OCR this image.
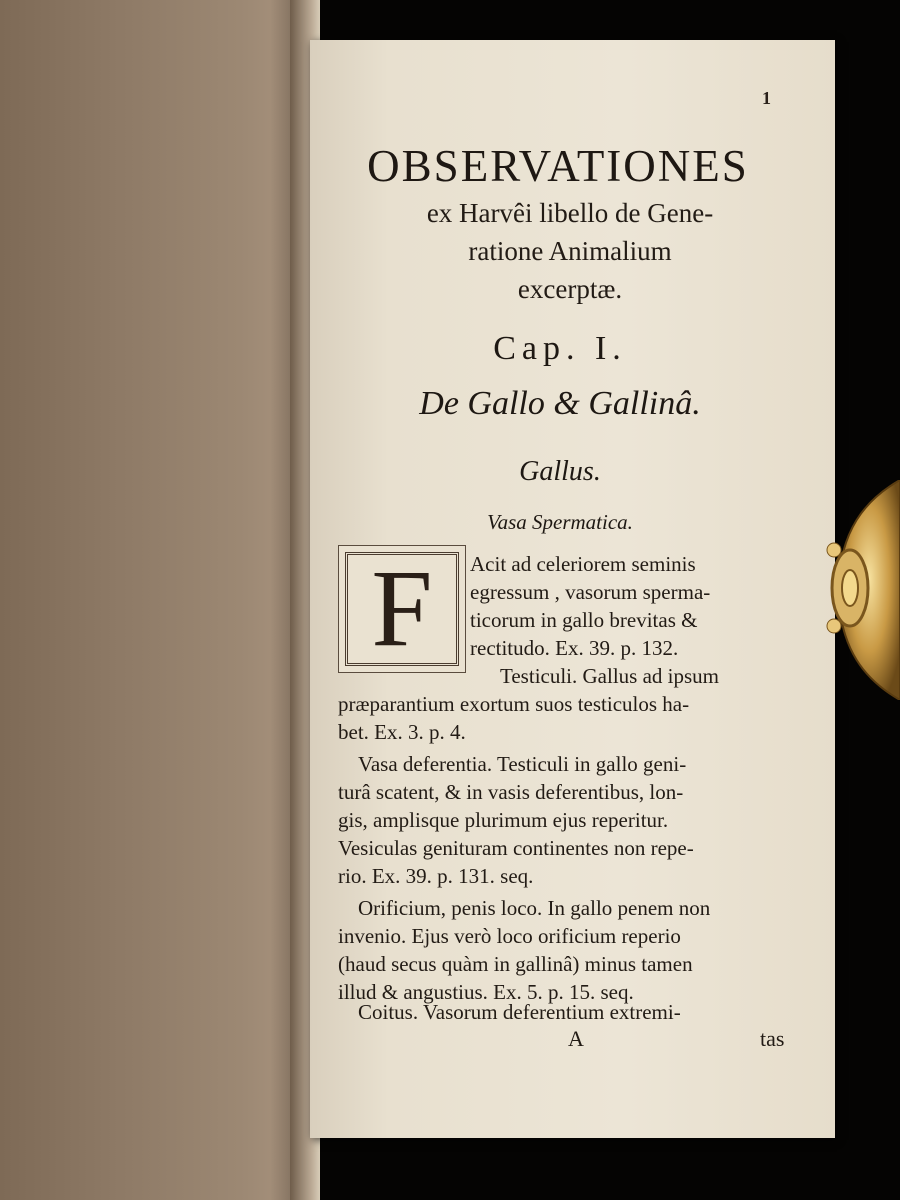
1
OBSERVATIONES
ex Harvêi libello de Gene-
ratione Animalium
excerptæ.
Cap. I.
De Gallo & Gallinâ.
Gallus.
Vasa Spermatica.
F	Acit ad celeriorem seminis
egressum , vasorum sperma-
ticorum in gallo brevitas &
rectitudo. Ex. 39. p. 132.
Testiculi. Gallus ad ipsum
præparantium exortum suos testiculos ha-
bet. Ex. 3. p. 4.
Vasa deferentia. Testiculi in gallo geni-
turâ scatent, & in vasis deferentibus, lon-
gis, amplisque plurimum ejus reperitur.
Vesiculas genituram continentes non repe-
rio. Ex. 39. p. 131. seq.
Orificium, penis loco. In gallo penem non
invenio. Ejus verò loco orificium reperio
(haud secus quàm in gallinâ) minus tamen
illud & angustius. Ex. 5. p. 15. seq.
Coitus. Vasorum deferentium extremi-
A	tas
